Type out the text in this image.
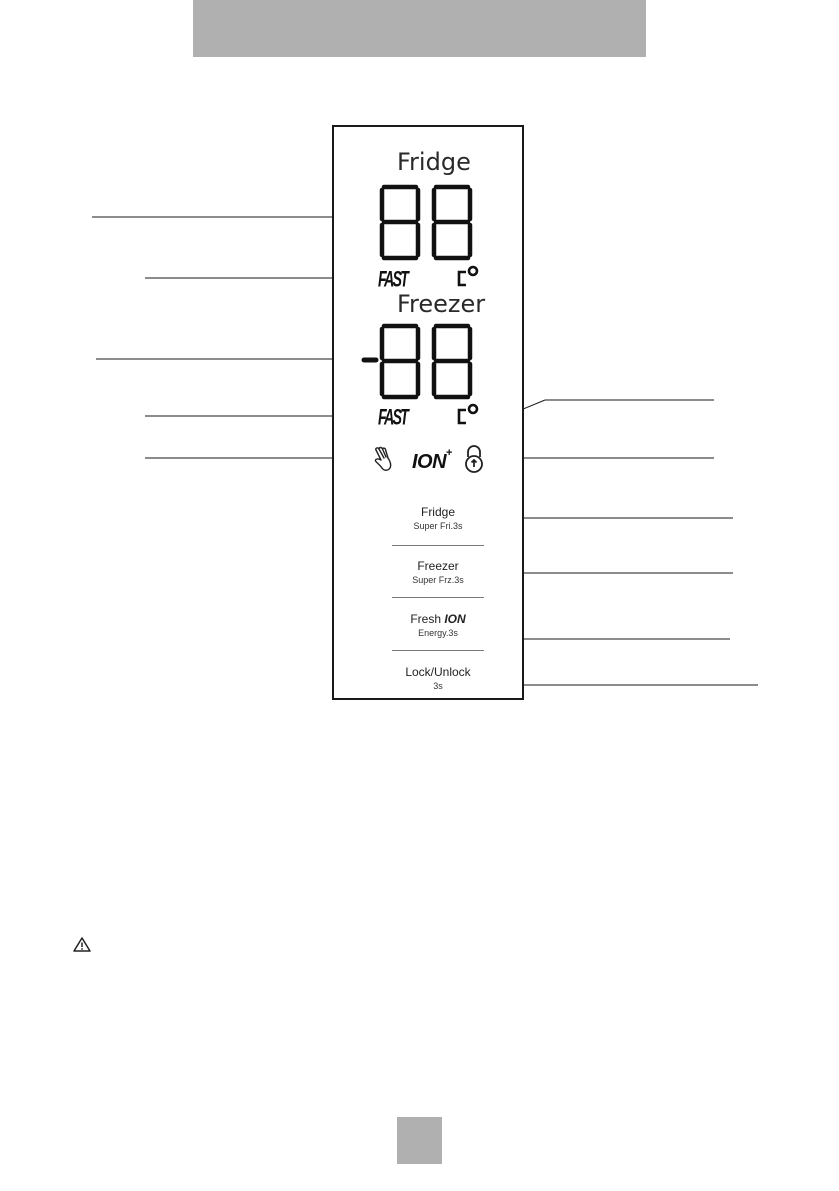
Fridge
FAST
Freezer
FAST
ION +
Fridge
Super Fri.3s
Freezer
Super Frz.3s
Fresh ION
Energy.3s
Lock/Unlock
3s
